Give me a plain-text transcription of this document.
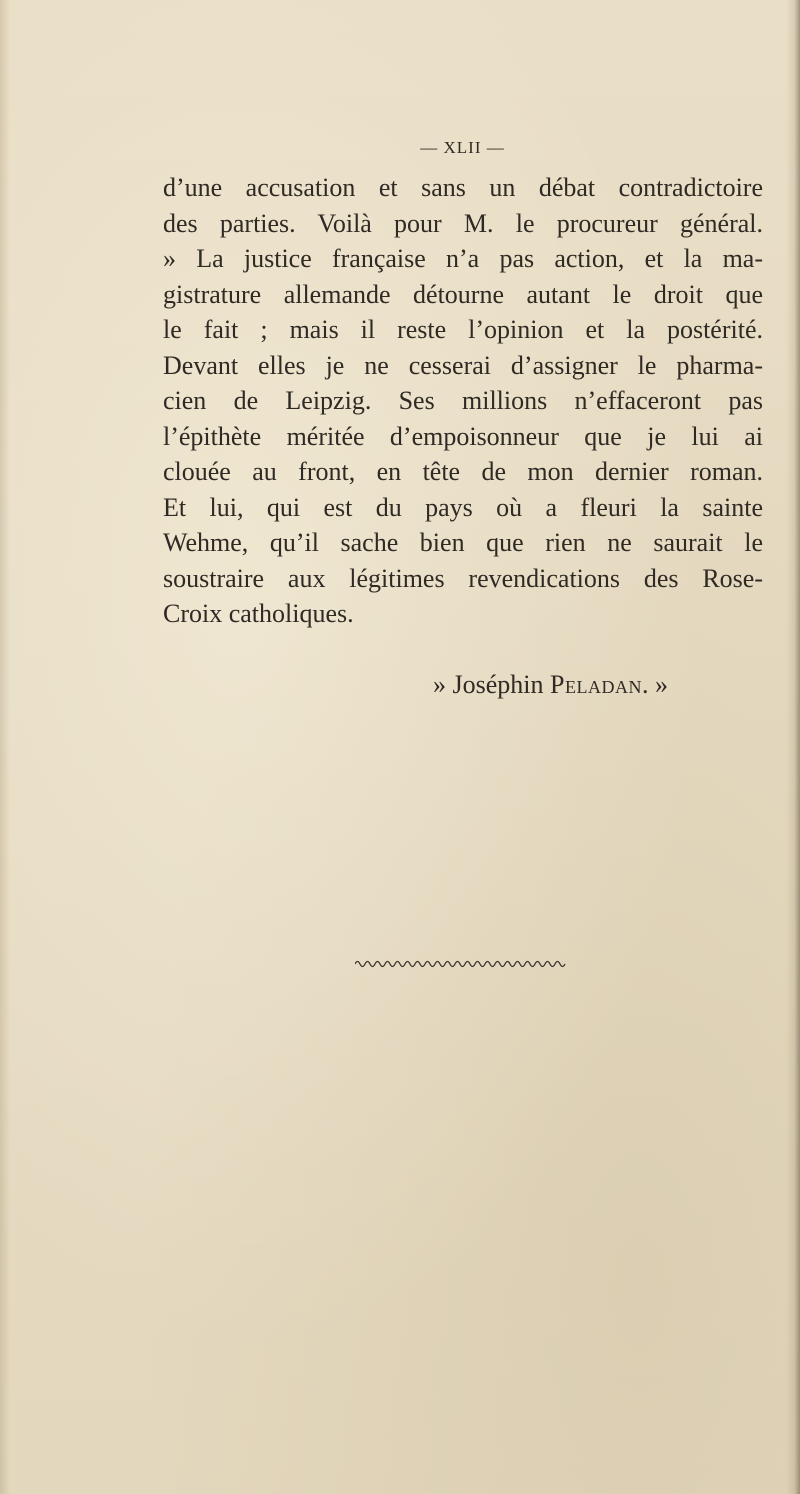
— XLII —
d’une accusation et sans un débat contradictoire
des parties. Voilà pour M. le procureur général.
» La justice française n’a pas action, et la ma-
gistrature allemande détourne autant le droit que
le fait ; mais il reste l’opinion et la postérité.
Devant elles je ne cesserai d’assigner le pharma-
cien de Leipzig. Ses millions n’effaceront pas
l’épithète méritée d’empoisonneur que je lui ai
clouée au front, en tête de mon dernier roman.
Et lui, qui est du pays où a fleuri la sainte
Wehme, qu’il sache bien que rien ne saurait le
soustraire aux légitimes revendications des Rose-
Croix catholiques.
» Joséphin Peladan. »
